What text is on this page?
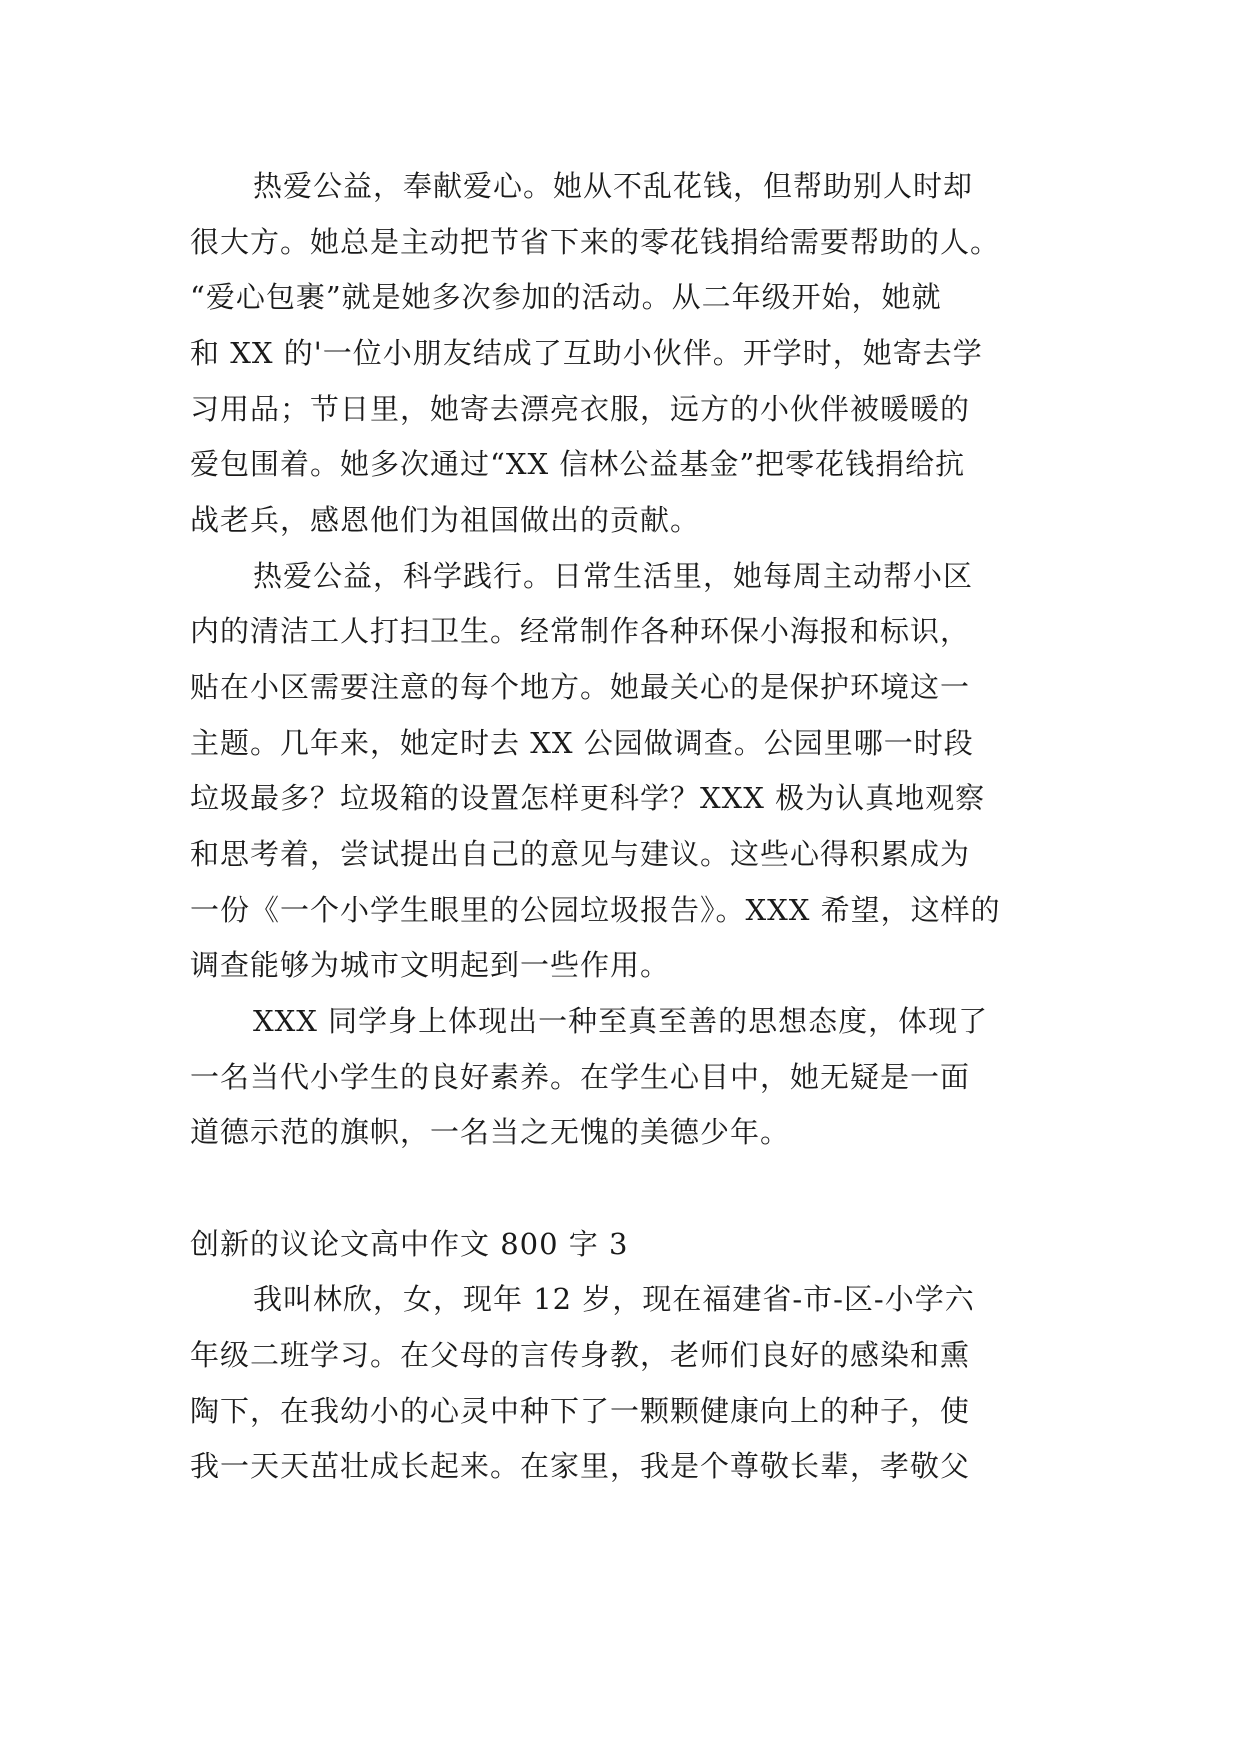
热爱公益，奉献爱心。她从不乱花钱，但帮助别人时却
很大方。她总是主动把节省下来的零花钱捐给需要帮助的人。
“爱心包裹”就是她多次参加的活动。从二年级开始，她就
和 XX 的'一位小朋友结成了互助小伙伴。开学时，她寄去学
习用品；节日里，她寄去漂亮衣服，远方的小伙伴被暖暖的
爱包围着。她多次通过“XX 信林公益基金”把零花钱捐给抗
战老兵，感恩他们为祖国做出的贡献。
热爱公益，科学践行。日常生活里，她每周主动帮小区
内的清洁工人打扫卫生。经常制作各种环保小海报和标识，
贴在小区需要注意的每个地方。她最关心的是保护环境这一
主题。几年来，她定时去 XX 公园做调查。公园里哪一时段
垃圾最多？垃圾箱的设置怎样更科学？XXX 极为认真地观察
和思考着，尝试提出自己的意见与建议。这些心得积累成为
一份《一个小学生眼里的公园垃圾报告》。XXX 希望，这样的
调查能够为城市文明起到一些作用。
XXX 同学身上体现出一种至真至善的思想态度，体现了
一名当代小学生的良好素养。在学生心目中，她无疑是一面
道德示范的旗帜，一名当之无愧的美德少年。
创新的议论文高中作文 800 字 3
我叫林欣，女，现年 12 岁，现在福建省-市-区-小学六
年级二班学习。在父母的言传身教，老师们良好的感染和熏
陶下，在我幼小的心灵中种下了一颗颗健康向上的种子，使
我一天天茁壮成长起来。在家里，我是个尊敬长辈，孝敬父
